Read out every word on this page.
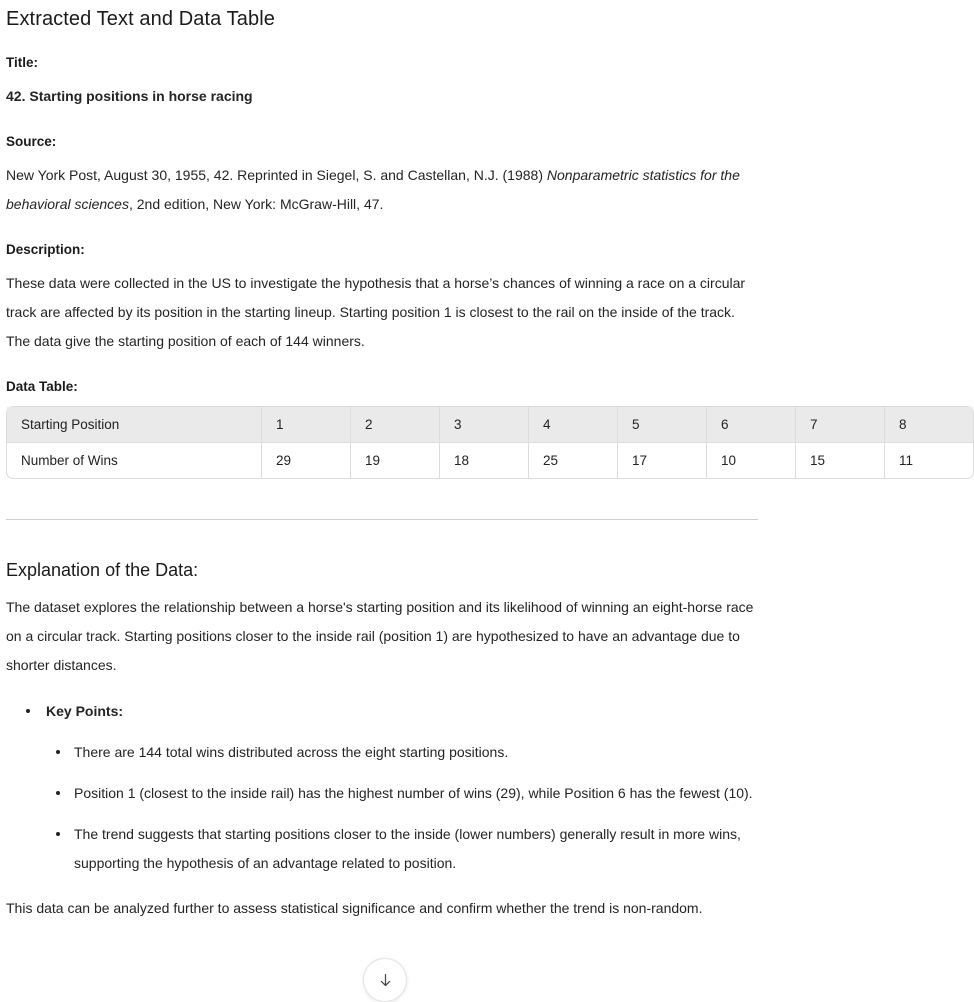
Extracted Text and Data Table
Title:

42. Starting positions in horse racing

Source:

New York Post, August 30, 1955, 42. Reprinted in Siegel, S. and Castellan, N.J. (1988) Nonparametric statistics for the behavioral sciences, 2nd edition, New York: McGraw-Hill, 47.

Description:

These data were collected in the US to investigate the hypothesis that a horse’s chances of winning a race on a circular track are affected by its position in the starting lineup. Starting position 1 is closest to the rail on the inside of the track. The data give the starting position of each of 144 winners.

Data Table:
Starting Position	1	2	3	4	5	6	7	8
Number of Wins	29	19	18	25	17	10	15	11
Explanation of the Data:

The dataset explores the relationship between a horse's starting position and its likelihood of winning an eight-horse race on a circular track. Starting positions closer to the inside rail (position 1) are hypothesized to have an advantage due to shorter distances.

Key Points:
There are 144 total wins distributed across the eight starting positions.
Position 1 (closest to the inside rail) has the highest number of wins (29), while Position 6 has the fewest (10).
The trend suggests that starting positions closer to the inside (lower numbers) generally result in more wins, supporting the hypothesis of an advantage related to position.

This data can be analyzed further to assess statistical significance and confirm whether the trend is non-random.
